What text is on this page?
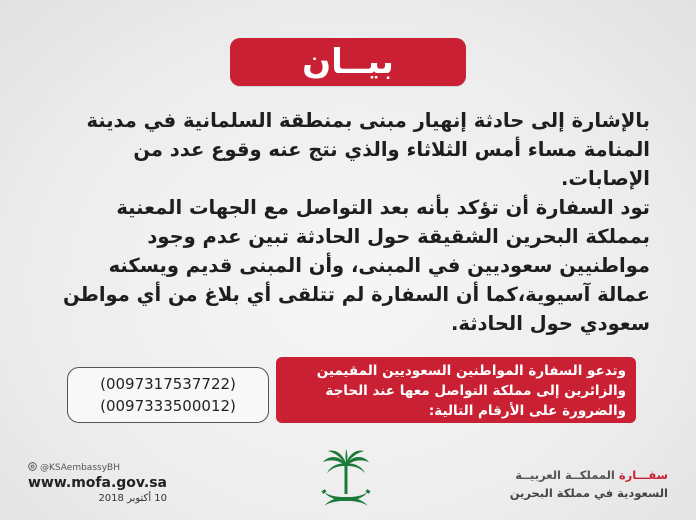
بيــان

بالإشارة إلى حادثة إنهيار مبنى بمنطقة السلمانية في مدينة المنامة مساء أمس الثلاثاء والذي نتج عنه وقوع عدد من الإصابات.

تود السفارة أن تؤكد بأنه بعد التواصل مع الجهات المعنية بمملكة البحرين الشقيقة حول الحادثة تبين عدم وجود مواطنيين سعوديين في المبنى، وأن المبنى قديم ويسكنه عمالة آسيوية،كما أن السفارة لم تتلقى أي بلاغ من أي مواطن سعودي حول الحادثة.

(0097317537722)
(0097333500012)
وتدعو السفارة المواطنين السعوديين المقيمين والزائرين إلى مملكة التواصل معها عند الحاجة والضرورة على الأرقام التالية:
@KSAembassyBH
www.mofa.gov.sa
10 أكتوبر 2018
سفـــارة المملكــة العربيــة
السعودية في مملكة البحرين
